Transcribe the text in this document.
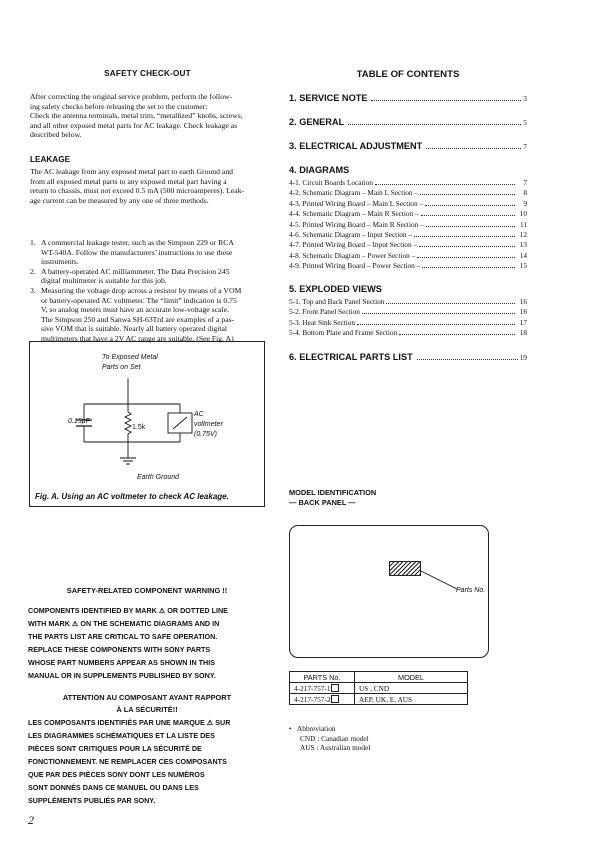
SAFETY CHECK-OUT
After correcting the original service problem, perform the follow-
ing safety checks before releasing the set to the customer:
Check the antenna terminals, metal trim, “metallized” knobs, screws,
and all other exposed metal parts for AC leakage. Check leakage as
described below.
LEAKAGE
The AC leakage from any exposed metal part to earth Ground and
from all exposed metal parts to any exposed metal part having a
return to chassis, must not exceed 0.5 mA (500 microamperes). Leak-
age current can be measured by any one of three methods.
1. A commercial leakage tester, such as the Simpson 229 or RCA
WT-540A. Follow the manufacturers’ instructions to use these
instruments.
2. A battery-operated AC milliammeter. The Data Precision 245
digital multimeter is suitable for this job.
3. Measuring the voltage drop across a resistor by means of a VOM
or battery-operated AC voltmeter. The “limit” indication is 0.75
V, so analog meters must have an accurate low-voltage scale.
The Simpson 250 and Sanwa SH-63Trd are examples of a pas-
sive VOM that is suitable. Nearly all battery operated digital
multimeters that have a 2V AC range are suitable. (See Fig. A)
To Exposed Metal
Parts on Set
0.15μF
1.5k
AC
voltmeter
(0.75V)
Earth Ground
Fig. A. Using an AC voltmeter to check AC leakage.
SAFETY-RELATED COMPONENT WARNING !!
COMPONENTS IDENTIFIED BY MARK ⚠ OR DOTTED LINE
WITH MARK ⚠ ON THE SCHEMATIC DIAGRAMS AND IN
THE PARTS LIST ARE CRITICAL TO SAFE OPERATION.
REPLACE THESE COMPONENTS WITH SONY PARTS
WHOSE PART NUMBERS APPEAR AS SHOWN IN THIS
MANUAL OR IN SUPPLEMENTS PUBLISHED BY SONY.
ATTENTION AU COMPOSANT AYANT RAPPORT
À LA SÉCURITÉ!!
LES COMPOSANTS IDENTIFIÉS PAR UNE MARQUE ⚠ SUR
LES DIAGRAMMES SCHÉMATIQUES ET LA LISTE DES
PIÈCES SONT CRITIQUES POUR LA SÉCURITÉ DE
FONCTIONNEMENT. NE REMPLACER CES COMPOSANTS
QUE PAR DES PIÈCES SONY DONT LES NUMÉROS
SONT DONNÉS DANS CE MANUEL OU DANS LES
SUPPLÉMENTS PUBLIÉS PAR SONY.
2
TABLE OF CONTENTS
1. SERVICE NOTE	3
2. GENERAL	5
3. ELECTRICAL ADJUSTMENT	7
4. DIAGRAMS
4-1. Circuit Boards Location	7
4-2. Schematic Diagram – Main L Section –	8
4-3. Printed Wiring Board – Main L Section –	9
4-4. Schematic Diagram – Main R Section –	10
4-5. Printed Wiring Board – Main R Section –	11
4-6. Schematic Diagram – Input Section –	12
4-7. Printed Wiring Board – Input Section –	13
4-8. Schematic Diagram – Power Section –	14
4-9. Printed Wiring Board – Power Section –	15
5. EXPLODED VIEWS
5-1. Top and Back Panel Section	16
5-2. Front Panel Section	16
5-3. Heat Sink Section	17
5-4. Bottom Plate and Frame Section	18
6. ELECTRICAL PARTS LIST	19
MODEL IDENTIFICATION
— BACK PANEL —
Parts No.
PARTS No.	MODEL
4-217-757-1	US , CND
4-217-757-2	AEP, UK, E, AUS
•   Abbreviation
CND : Canadian model
AUS : Australian model
